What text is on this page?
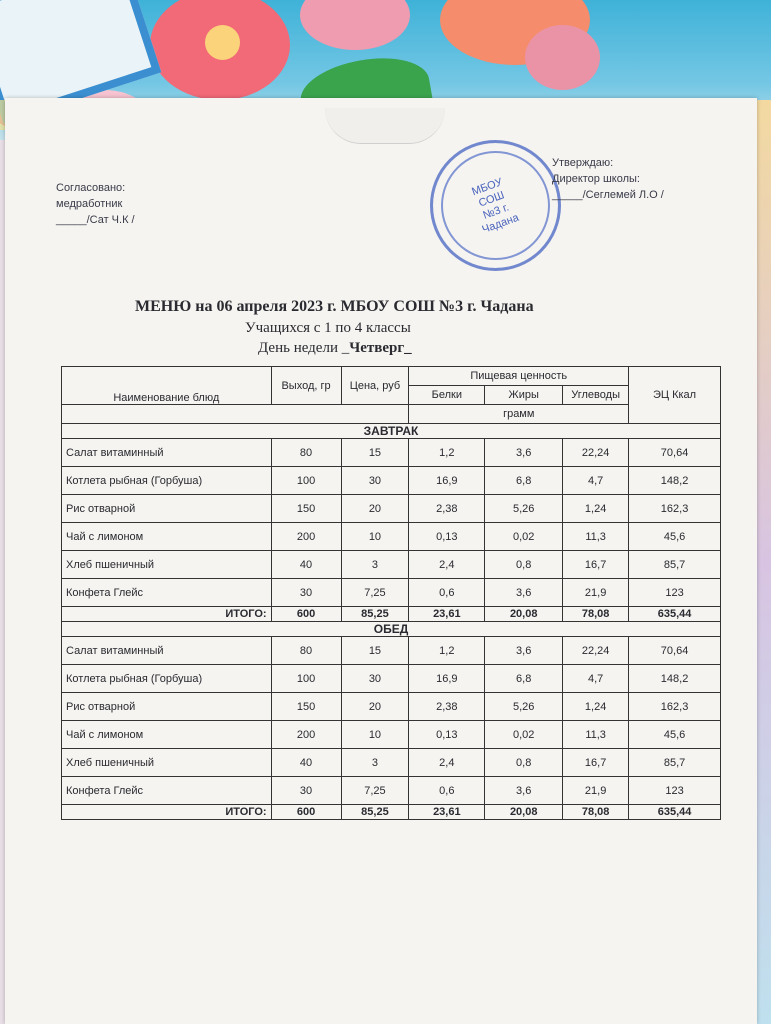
Согласовано:
медработник
_____/Сат Ч.К /
МБОУ СОШ №3 г. Чадана
Утверждаю:
Директор школы:
_____/Сеглемей Л.О /
МЕНЮ на 06 апреля 2023 г. МБОУ СОШ №3 г. Чадана
Учащихся с 1 по 4 классы
День недели _Четверг_
Наименование блюд	Выход, гр	Цена, руб	Пищевая ценность			ЭЦ Ккал
			Белки	Жиры	Углеводы	
			грамм			
ЗАВТРАК						
Салат витаминный	80	15	1,2	3,6	22,24	70,64
Котлета рыбная (Горбуша)	100	30	16,9	6,8	4,7	148,2
Рис отварной	150	20	2,38	5,26	1,24	162,3
Чай с лимоном	200	10	0,13	0,02	11,3	45,6
Хлеб пшеничный	40	3	2,4	0,8	16,7	85,7
Конфета Глейс	30	7,25	0,6	3,6	21,9	123
ИТОГО:	600	85,25	23,61	20,08	78,08	635,44
ОБЕД						
Салат витаминный	80	15	1,2	3,6	22,24	70,64
Котлета рыбная (Горбуша)	100	30	16,9	6,8	4,7	148,2
Рис отварной	150	20	2,38	5,26	1,24	162,3
Чай с лимоном	200	10	0,13	0,02	11,3	45,6
Хлеб пшеничный	40	3	2,4	0,8	16,7	85,7
Конфета Глейс	30	7,25	0,6	3,6	21,9	123
ИТОГО:	600	85,25	23,61	20,08	78,08	635,44
